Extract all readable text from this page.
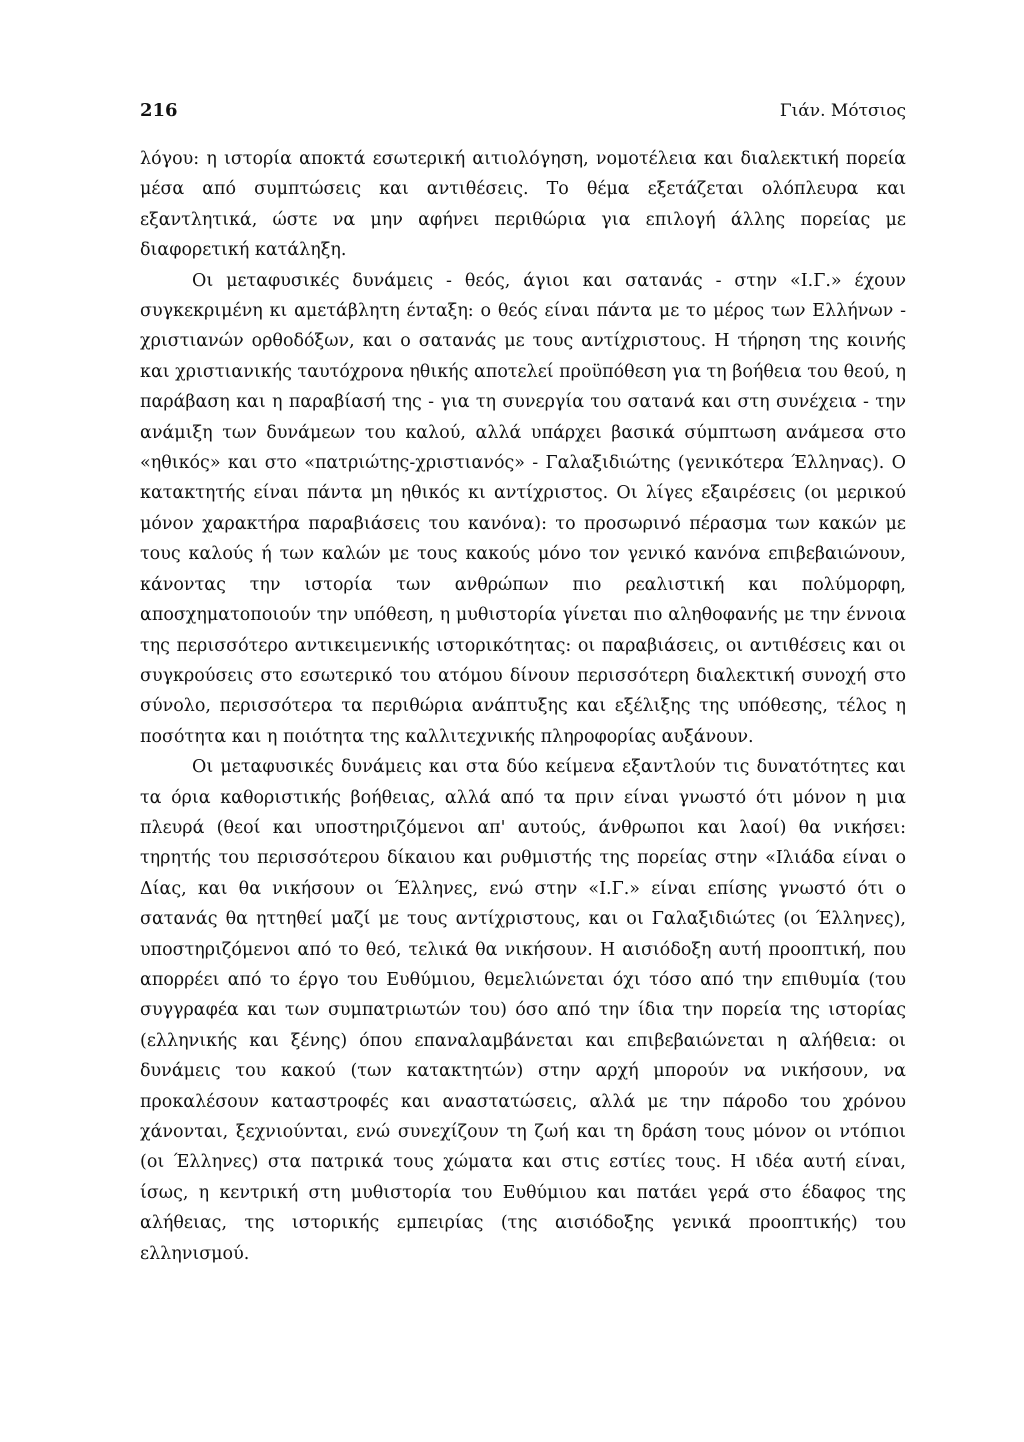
216	Γιάν. Μότσιος

λόγου: η ιστορία αποκτά εσωτερική αιτιολόγηση, νομοτέλεια και διαλεκτική πορεία μέσα από συμπτώσεις και αντιθέσεις. Το θέμα εξετάζεται ολόπλευρα και εξαντλητικά, ώστε να μην αφήνει περιθώρια για επιλογή άλλης πορείας με διαφορετική κατάληξη.

Οι μεταφυσικές δυνάμεις - θεός, άγιοι και σατανάς - στην «Ι.Γ.» έχουν συγκεκριμένη κι αμετάβλητη ένταξη: ο θεός είναι πάντα με το μέρος των Ελλήνων - χριστιανών ορθοδόξων, και ο σατανάς με τους αντίχριστους. Η τήρηση της κοινής και χριστιανικής ταυτόχρονα ηθικής αποτελεί προϋπόθεση για τη βοήθεια του θεού, η παράβαση και η παραβίασή της - για τη συνεργία του σατανά και στη συνέχεια - την ανάμιξη των δυνάμεων του καλού, αλλά υπάρχει βασικά σύμπτωση ανάμεσα στο «ηθικός» και στο «πατριώτης-χριστιανός» - Γαλαξιδιώτης (γενικότερα Έλληνας). Ο κατακτητής είναι πάντα μη ηθικός κι αντίχριστος. Οι λίγες εξαιρέσεις (οι μερικού μόνον χαρακτήρα παραβιάσεις του κανόνα): το προσωρινό πέρασμα των κακών με τους καλούς ή των καλών με τους κακούς μόνο τον γενικό κανόνα επιβεβαιώνουν, κάνοντας την ιστορία των ανθρώπων πιο ρεαλιστική και πολύμορφη, αποσχηματοποιούν την υπόθεση, η μυθιστορία γίνεται πιο αληθοφανής με την έννοια της περισσότερο αντικειμενικής ιστορικότητας: οι παραβιάσεις, οι αντιθέσεις και οι συγκρούσεις στο εσωτερικό του ατόμου δίνουν περισσότερη διαλεκτική συνοχή στο σύνολο, περισσότερα τα περιθώρια ανάπτυξης και εξέλιξης της υπόθεσης, τέλος η ποσότητα και η ποιότητα της καλλιτεχνικής πληροφορίας αυξάνουν.

Οι μεταφυσικές δυνάμεις και στα δύο κείμενα εξαντλούν τις δυνατότητες και τα όρια καθοριστικής βοήθειας, αλλά από τα πριν είναι γνωστό ότι μόνον η μια πλευρά (θεοί και υποστηριζόμενοι απ' αυτούς, άνθρωποι και λαοί) θα νικήσει: τηρητής του περισσότερου δίκαιου και ρυθμιστής της πορείας στην «Ιλιάδα είναι ο Δίας, και θα νικήσουν οι Έλληνες, ενώ στην «Ι.Γ.» είναι επίσης γνωστό ότι ο σατανάς θα ηττηθεί μαζί με τους αντίχριστους, και οι Γαλαξιδιώτες (οι Έλληνες), υποστηριζόμενοι από το θεό, τελικά θα νικήσουν. Η αισιόδοξη αυτή προοπτική, που απορρέει από το έργο του Ευθύμιου, θεμελιώνεται όχι τόσο από την επιθυμία (του συγγραφέα και των συμπατριωτών του) όσο από την ίδια την πορεία της ιστορίας (ελληνικής και ξένης) όπου επαναλαμβάνεται και επιβεβαιώνεται η αλήθεια: οι δυνάμεις του κακού (των κατακτητών) στην αρχή μπορούν να νικήσουν, να προκαλέσουν καταστροφές και αναστατώσεις, αλλά με την πάροδο του χρόνου χάνονται, ξεχνιούνται, ενώ συνεχίζουν τη ζωή και τη δράση τους μόνον οι ντόπιοι (οι Έλληνες) στα πατρικά τους χώματα και στις εστίες τους. Η ιδέα αυτή είναι, ίσως, η κεντρική στη μυθιστορία του Ευθύμιου και πατάει γερά στο έδαφος της αλήθειας, της ιστορικής εμπειρίας (της αισιόδοξης γενικά προοπτικής) του ελληνισμού.
